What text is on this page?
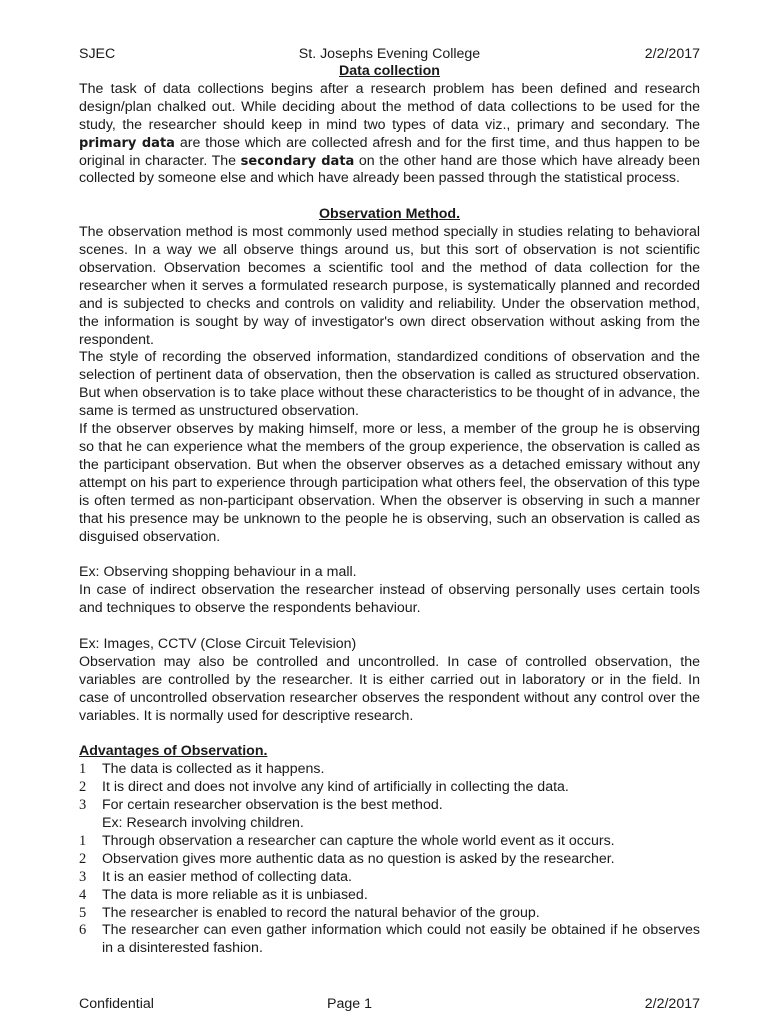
SJEC	St. Josephs Evening College	2/2/2017

Data collection

The task of data collections begins after a research problem has been defined and research design/plan chalked out. While deciding about the method of data collections to be used for the study, the researcher should keep in mind two types of data viz., primary and secondary. The primary data are those which are collected afresh and for the first time, and thus happen to be original in character. The secondary data on the other hand are those which have already been collected by someone else and which have already been passed through the statistical process.

Observation Method.

The observation method is most commonly used method specially in studies relating to behavioral scenes. In a way we all observe things around us, but this sort of observation is not scientific observation. Observation becomes a scientific tool and the method of data collection for the researcher when it serves a formulated research purpose, is systematically planned and recorded and is subjected to checks and controls on validity and reliability. Under the observation method, the information is sought by way of investigator's own direct observation without asking from the respondent.

The style of recording the observed information, standardized conditions of observation and the selection of pertinent data of observation, then the observation is called as structured observation. But when observation is to take place without these characteristics to be thought of in advance, the same is termed as unstructured observation.

If the observer observes by making himself, more or less, a member of the group he is observing so that he can experience what the members of the group experience, the observation is called as the participant observation. But when the observer observes as a detached emissary without any attempt on his part to experience through participation what others feel, the observation of this type is often termed as non-participant observation. When the observer is observing in such a manner that his presence may be unknown to the people he is observing, such an observation is called as disguised observation.

Ex: Observing shopping behaviour in a mall.

In case of indirect observation the researcher instead of observing personally uses certain tools and techniques to observe the respondents behaviour.

Ex: Images, CCTV (Close Circuit Television)

Observation may also be controlled and uncontrolled. In case of controlled observation, the variables are controlled by the researcher. It is either carried out in laboratory or in the field. In case of uncontrolled observation researcher observes the respondent without any control over the variables. It is normally used for descriptive research.

Advantages of Observation.

1	The data is collected as it happens.
2	It is direct and does not involve any kind of artificially in collecting the data.
3	For certain researcher observation is the best method.

Ex: Research involving children.

1	Through observation a researcher can capture the whole world event as it occurs.
2	Observation gives more authentic data as no question is asked by the researcher.
3	It is an easier method of collecting data.
4	The data is more reliable as it is unbiased.
5	The researcher is enabled to record the natural behavior of the group.
6	The researcher can even gather information which could not easily be obtained if he observes in a disinterested fashion.
Confidential	Page 1	2/2/2017
